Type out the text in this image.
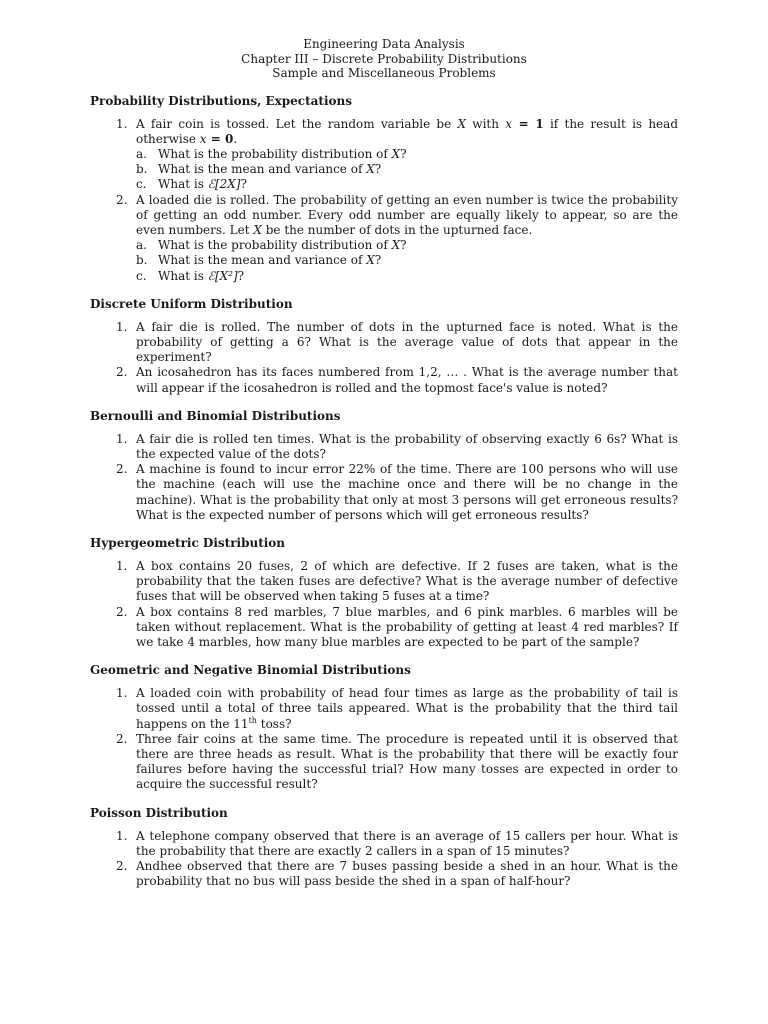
Engineering Data Analysis
Chapter III – Discrete Probability Distributions
Sample and Miscellaneous Problems
Probability Distributions, Expectations
1. A fair coin is tossed. Let the random variable be X with x = 1 if the result is head otherwise x = 0.
a. What is the probability distribution of X?
b. What is the mean and variance of X?
c. What is ℰ[2X]?
2. A loaded die is rolled. The probability of getting an even number is twice the probability of getting an odd number. Every odd number are equally likely to appear, so are the even numbers. Let X be the number of dots in the upturned face.
a. What is the probability distribution of X?
b. What is the mean and variance of X?
c. What is ℰ[X²]?
Discrete Uniform Distribution
1. A fair die is rolled. The number of dots in the upturned face is noted. What is the probability of getting a 6? What is the average value of dots that appear in the experiment?
2. An icosahedron has its faces numbered from 1,2, … . What is the average number that will appear if the icosahedron is rolled and the topmost face's value is noted?
Bernoulli and Binomial Distributions
1. A fair die is rolled ten times. What is the probability of observing exactly 6 6s? What is the expected value of the dots?
2. A machine is found to incur error 22% of the time. There are 100 persons who will use the machine (each will use the machine once and there will be no change in the machine). What is the probability that only at most 3 persons will get erroneous results? What is the expected number of persons which will get erroneous results?
Hypergeometric Distribution
1. A box contains 20 fuses, 2 of which are defective. If 2 fuses are taken, what is the probability that the taken fuses are defective? What is the average number of defective fuses that will be observed when taking 5 fuses at a time?
2. A box contains 8 red marbles, 7 blue marbles, and 6 pink marbles. 6 marbles will be taken without replacement. What is the probability of getting at least 4 red marbles? If we take 4 marbles, how many blue marbles are expected to be part of the sample?
Geometric and Negative Binomial Distributions
1. A loaded coin with probability of head four times as large as the probability of tail is tossed until a total of three tails appeared. What is the probability that the third tail happens on the 11th toss?
2. Three fair coins at the same time. The procedure is repeated until it is observed that there are three heads as result. What is the probability that there will be exactly four failures before having the successful trial? How many tosses are expected in order to acquire the successful result?
Poisson Distribution
1. A telephone company observed that there is an average of 15 callers per hour. What is the probability that there are exactly 2 callers in a span of 15 minutes?
2. Andhee observed that there are 7 buses passing beside a shed in an hour. What is the probability that no bus will pass beside the shed in a span of half-hour?
